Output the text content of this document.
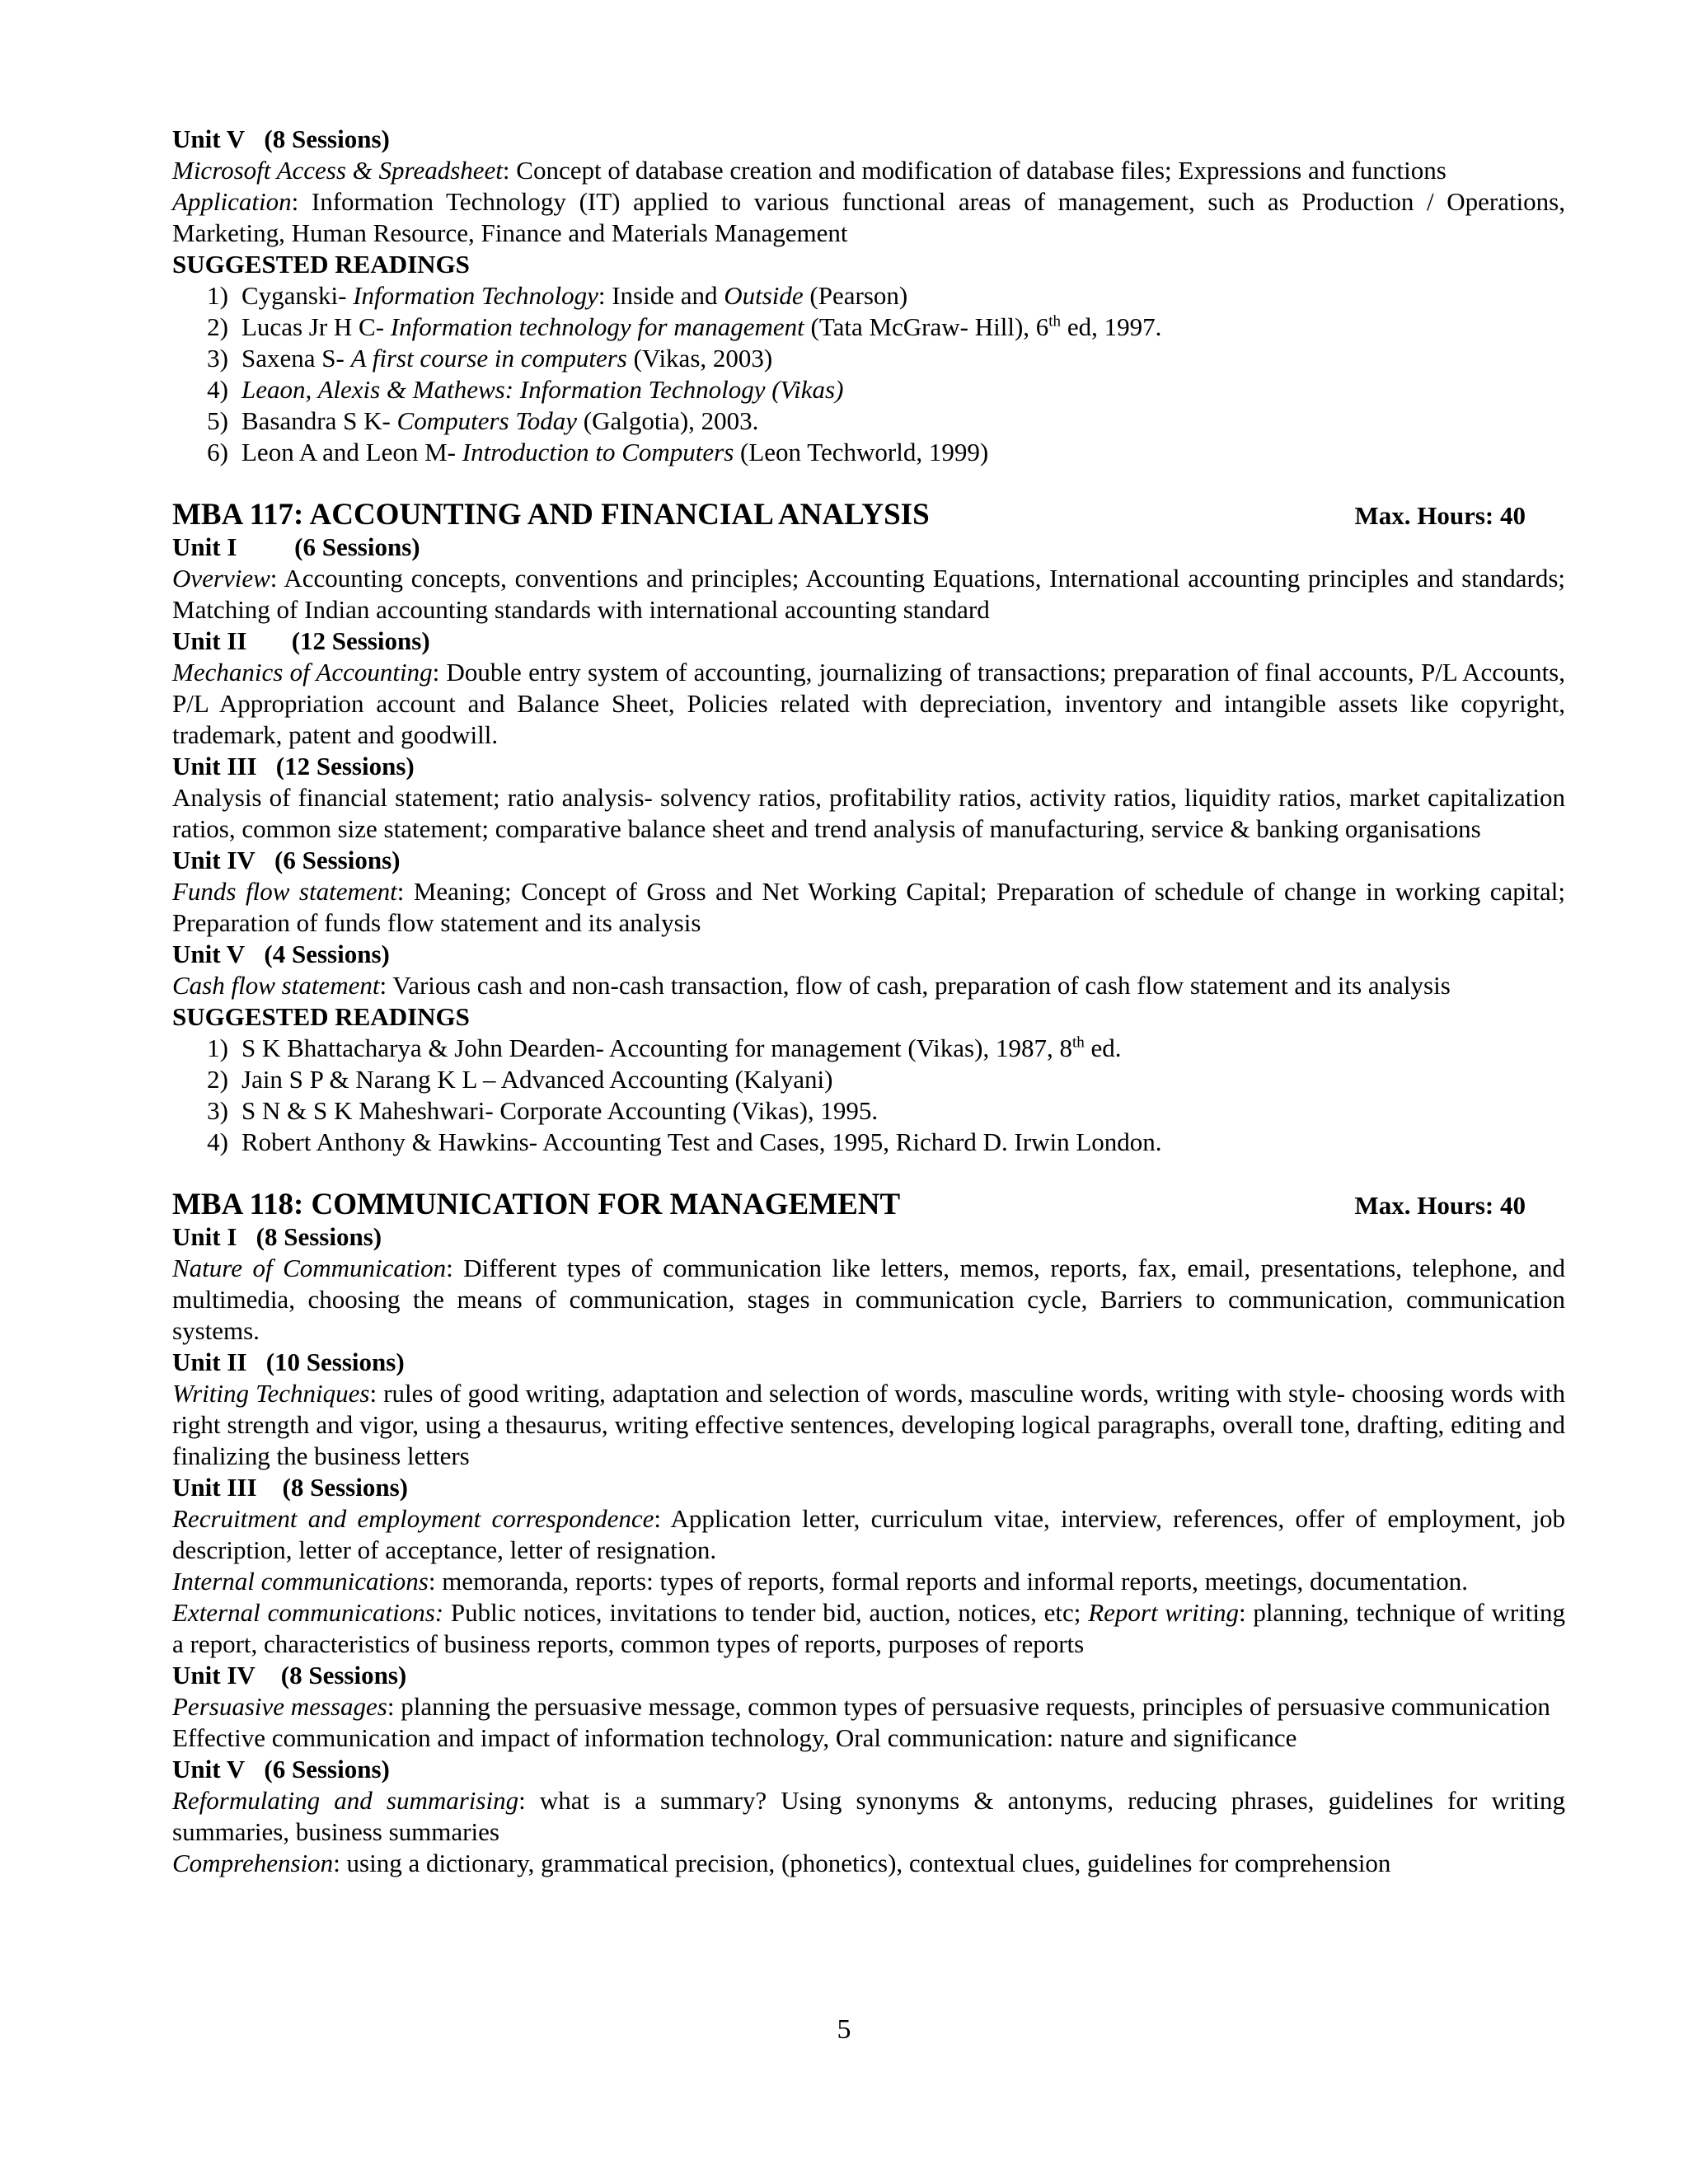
Unit V (8 Sessions)

Microsoft Access & Spreadsheet: Concept of database creation and modification of database files; Expressions and functions

Application: Information Technology (IT) applied to various functional areas of management, such as Production / Operations, Marketing, Human Resource, Finance and Materials Management

SUGGESTED READINGS

1) Cyganski- Information Technology: Inside and Outside (Pearson)
2) Lucas Jr H C- Information technology for management (Tata McGraw- Hill), 6th ed, 1997.
3) Saxena S- A first course in computers (Vikas, 2003)
4) Leaon, Alexis & Mathews: Information Technology (Vikas)
5) Basandra S K- Computers Today (Galgotia), 2003.
6) Leon A and Leon M- Introduction to Computers (Leon Techworld, 1999)
MBA 117: ACCOUNTING AND FINANCIAL ANALYSIS	Max. Hours: 40

Unit I (6 Sessions)

Overview: Accounting concepts, conventions and principles; Accounting Equations, International accounting principles and standards; Matching of Indian accounting standards with international accounting standard

Unit II (12 Sessions)

Mechanics of Accounting: Double entry system of accounting, journalizing of transactions; preparation of final accounts, P/L Accounts, P/L Appropriation account and Balance Sheet, Policies related with depreciation, inventory and intangible assets like copyright, trademark, patent and goodwill.

Unit III (12 Sessions)

Analysis of financial statement; ratio analysis- solvency ratios, profitability ratios, activity ratios, liquidity ratios, market capitalization ratios, common size statement; comparative balance sheet and trend analysis of manufacturing, service & banking organisations

Unit IV (6 Sessions)

Funds flow statement: Meaning; Concept of Gross and Net Working Capital; Preparation of schedule of change in working capital; Preparation of funds flow statement and its analysis

Unit V (4 Sessions)

Cash flow statement: Various cash and non-cash transaction, flow of cash, preparation of cash flow statement and its analysis

SUGGESTED READINGS

1) S K Bhattacharya & John Dearden- Accounting for management (Vikas), 1987, 8th ed.
2) Jain S P & Narang K L – Advanced Accounting (Kalyani)
3) S N & S K Maheshwari- Corporate Accounting (Vikas), 1995.
4) Robert Anthony & Hawkins- Accounting Test and Cases, 1995, Richard D. Irwin London.
MBA 118: COMMUNICATION FOR MANAGEMENT	Max. Hours: 40

Unit I (8 Sessions)

Nature of Communication: Different types of communication like letters, memos, reports, fax, email, presentations, telephone, and multimedia, choosing the means of communication, stages in communication cycle, Barriers to communication, communication systems.

Unit II (10 Sessions)

Writing Techniques: rules of good writing, adaptation and selection of words, masculine words, writing with style- choosing words with right strength and vigor, using a thesaurus, writing effective sentences, developing logical paragraphs, overall tone, drafting, editing and finalizing the business letters

Unit III (8 Sessions)

Recruitment and employment correspondence: Application letter, curriculum vitae, interview, references, offer of employment, job description, letter of acceptance, letter of resignation.

Internal communications: memoranda, reports: types of reports, formal reports and informal reports, meetings, documentation.

External communications: Public notices, invitations to tender bid, auction, notices, etc; Report writing: planning, technique of writing a report, characteristics of business reports, common types of reports, purposes of reports

Unit IV (8 Sessions)

Persuasive messages: planning the persuasive message, common types of persuasive requests, principles of persuasive communication

Effective communication and impact of information technology, Oral communication: nature and significance

Unit V (6 Sessions)

Reformulating and summarising: what is a summary? Using synonyms & antonyms, reducing phrases, guidelines for writing summaries, business summaries

Comprehension: using a dictionary, grammatical precision, (phonetics), contextual clues, guidelines for comprehension

5
